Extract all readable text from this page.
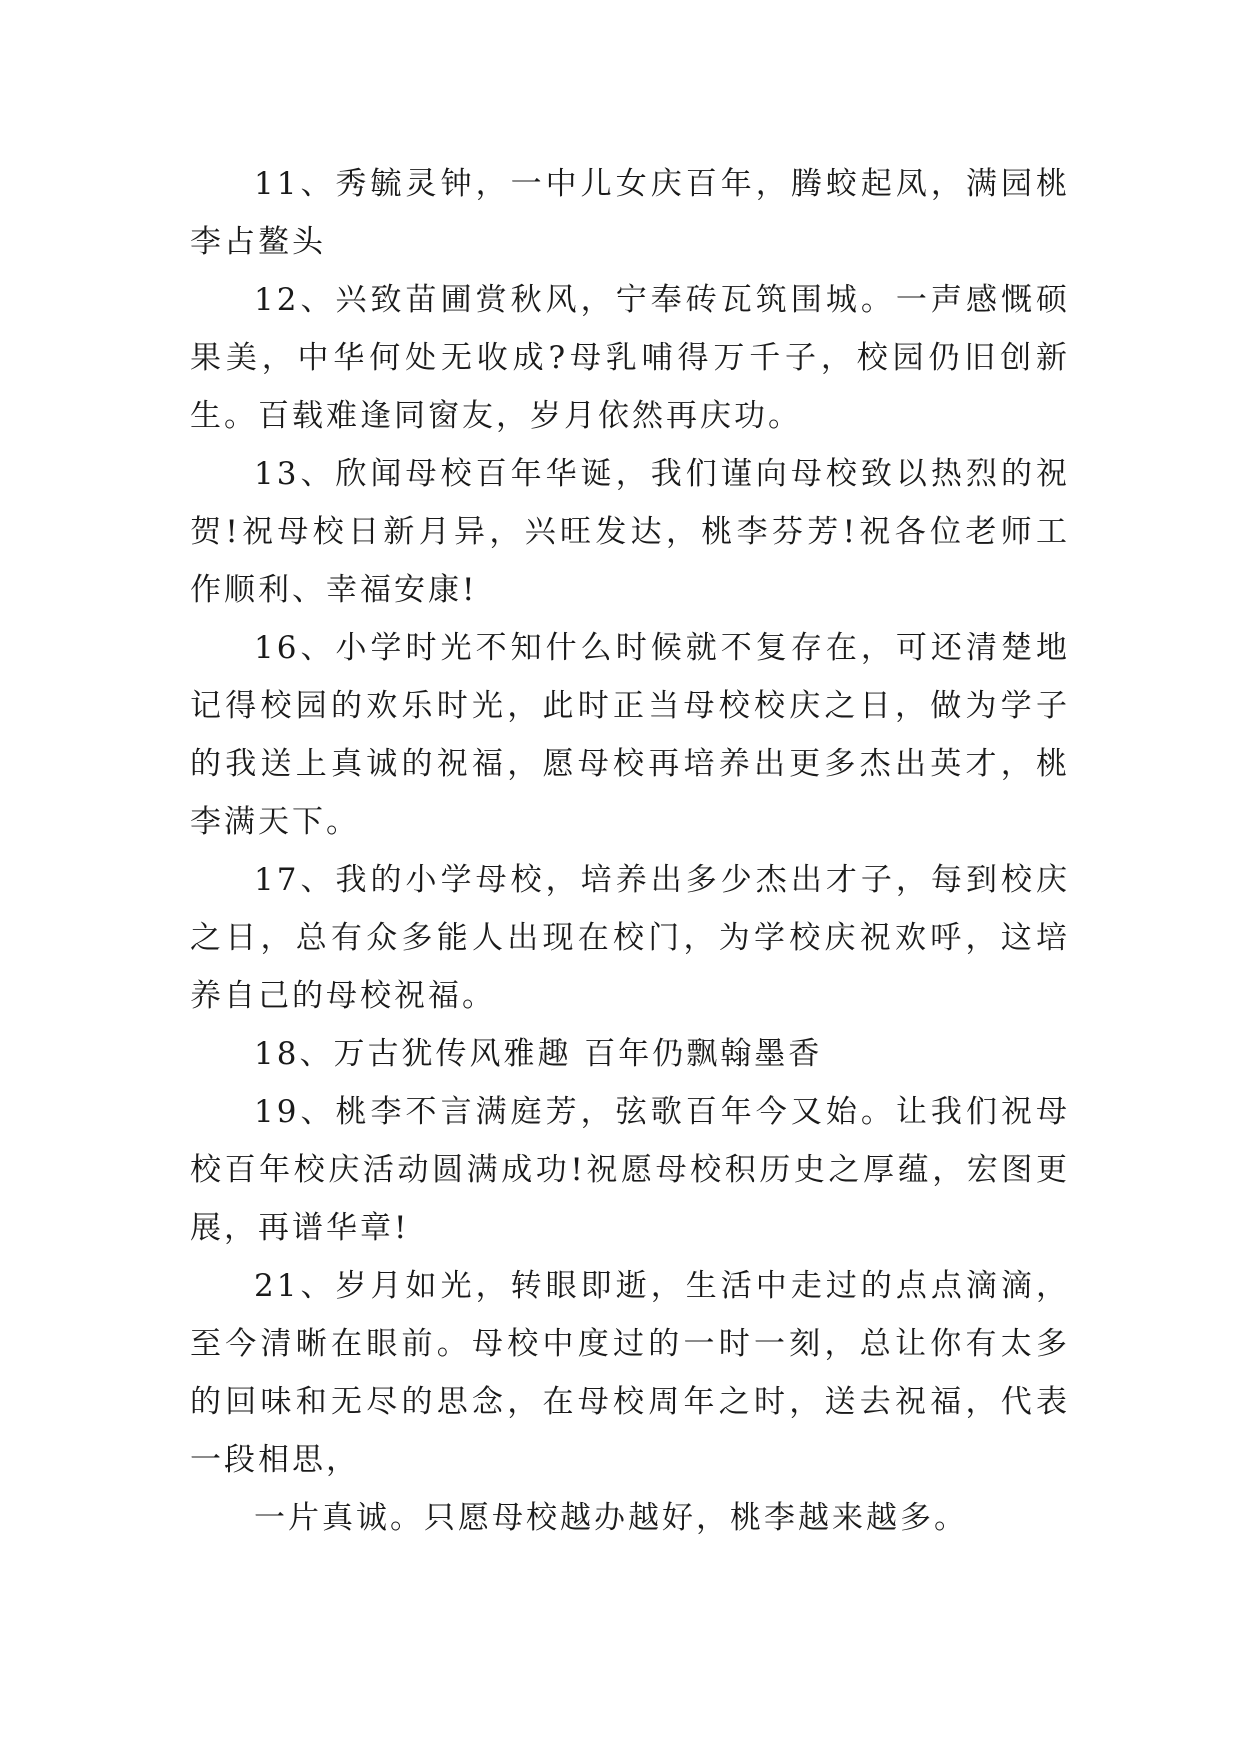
11、秀毓灵钟，一中儿女庆百年，腾蛟起凤，满园桃李占鳌头

12、兴致苗圃赏秋风，宁奉砖瓦筑围城。一声感慨硕果美，中华何处无收成?母乳哺得万千子，校园仍旧创新生。百载难逢同窗友，岁月依然再庆功。

13、欣闻母校百年华诞，我们谨向母校致以热烈的祝贺!祝母校日新月异，兴旺发达，桃李芬芳!祝各位老师工作顺利、幸福安康!

16、小学时光不知什么时候就不复存在，可还清楚地记得校园的欢乐时光，此时正当母校校庆之日，做为学子的我送上真诚的祝福，愿母校再培养出更多杰出英才，桃李满天下。

17、我的小学母校，培养出多少杰出才子，每到校庆之日，总有众多能人出现在校门，为学校庆祝欢呼，这培养自己的母校祝福。

18、万古犹传风雅趣 百年仍飘翰墨香

19、桃李不言满庭芳，弦歌百年今又始。让我们祝母校百年校庆活动圆满成功!祝愿母校积历史之厚蕴，宏图更展，再谱华章!

21、岁月如光，转眼即逝，生活中走过的点点滴滴，至今清晰在眼前。母校中度过的一时一刻，总让你有太多的回味和无尽的思念，在母校周年之时，送去祝福，代表一段相思，

一片真诚。只愿母校越办越好，桃李越来越多。
